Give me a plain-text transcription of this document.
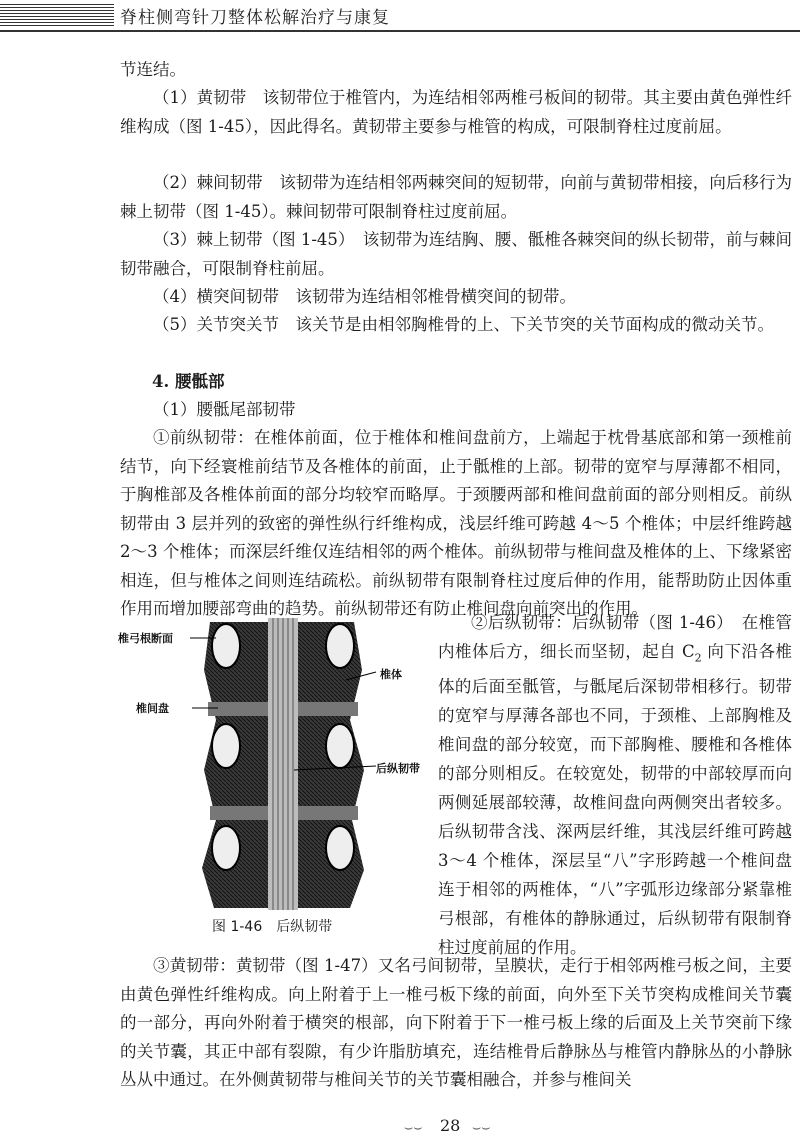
脊柱侧弯针刀整体松解治疗与康复

节连结。

（1）黄韧带　该韧带位于椎管内，为连结相邻两椎弓板间的韧带。其主要由黄色弹性纤维构成（图 1-45），因此得名。黄韧带主要参与椎管的构成，可限制脊柱过度前屈。

（2）棘间韧带　该韧带为连结相邻两棘突间的短韧带，向前与黄韧带相接，向后移行为棘上韧带（图 1-45）。棘间韧带可限制脊柱过度前屈。

（3）棘上韧带（图 1-45）　该韧带为连结胸、腰、骶椎各棘突间的纵长韧带，前与棘间韧带融合，可限制脊柱前屈。

（4）横突间韧带　该韧带为连结相邻椎骨横突间的韧带。

（5）关节突关节　该关节是由相邻胸椎骨的上、下关节突的关节面构成的微动关节。

4. 腰骶部

（1）腰骶尾部韧带

①前纵韧带：在椎体前面，位于椎体和椎间盘前方，上端起于枕骨基底部和第一颈椎前结节，向下经寰椎前结节及各椎体的前面，止于骶椎的上部。韧带的宽窄与厚薄都不相同，于胸椎部及各椎体前面的部分均较窄而略厚。于颈腰两部和椎间盘前面的部分则相反。前纵韧带由 3 层并列的致密的弹性纵行纤维构成，浅层纤维可跨越 4～5 个椎体；中层纤维跨越 2～3 个椎体；而深层纤维仅连结相邻的两个椎体。前纵韧带与椎间盘及椎体的上、下缘紧密相连，但与椎体之间则连结疏松。前纵韧带有限制脊柱过度后伸的作用，能帮助防止因体重作用而增加腰部弯曲的趋势。前纵韧带还有防止椎间盘向前突出的作用。

椎弓根断面
椎间盘
椎体
后纵韧带
图 1-46　后纵韧带

②后纵韧带：后纵韧带（图 1-46）　在椎管内椎体后方，细长而坚韧，起自 $C_2$ 向下沿各椎体的后面至骶管，与骶尾后深韧带相移行。韧带的宽窄与厚薄各部也不同，于颈椎、上部胸椎及椎间盘的部分较宽，而下部胸椎、腰椎和各椎体的部分则相反。在较宽处，韧带的中部较厚而向两侧延展部较薄，故椎间盘向两侧突出者较多。后纵韧带含浅、深两层纤维，其浅层纤维可跨越 3～4 个椎体，深层呈“八”字形跨越一个椎间盘连于相邻的两椎体，“八”字弧形边缘部分紧靠椎弓根部，有椎体的静脉通过，后纵韧带有限制脊柱过度前屈的作用。

③黄韧带：黄韧带（图 1-47）又名弓间韧带，呈膜状，走行于相邻两椎弓板之间，主要由黄色弹性纤维构成。向上附着于上一椎弓板下缘的前面，向外至下关节突构成椎间关节囊的一部分，再向外附着于横突的根部，向下附着于下一椎弓板上缘的后面及上关节突前下缘的关节囊，其正中部有裂隙，有少许脂肪填充，连结椎骨后静脉丛与椎管内静脉丛的小静脉丛从中通过。在外侧黄韧带与椎间关节的关节囊相融合，并参与椎间关

⌣⌣ 28 ⌣⌣
